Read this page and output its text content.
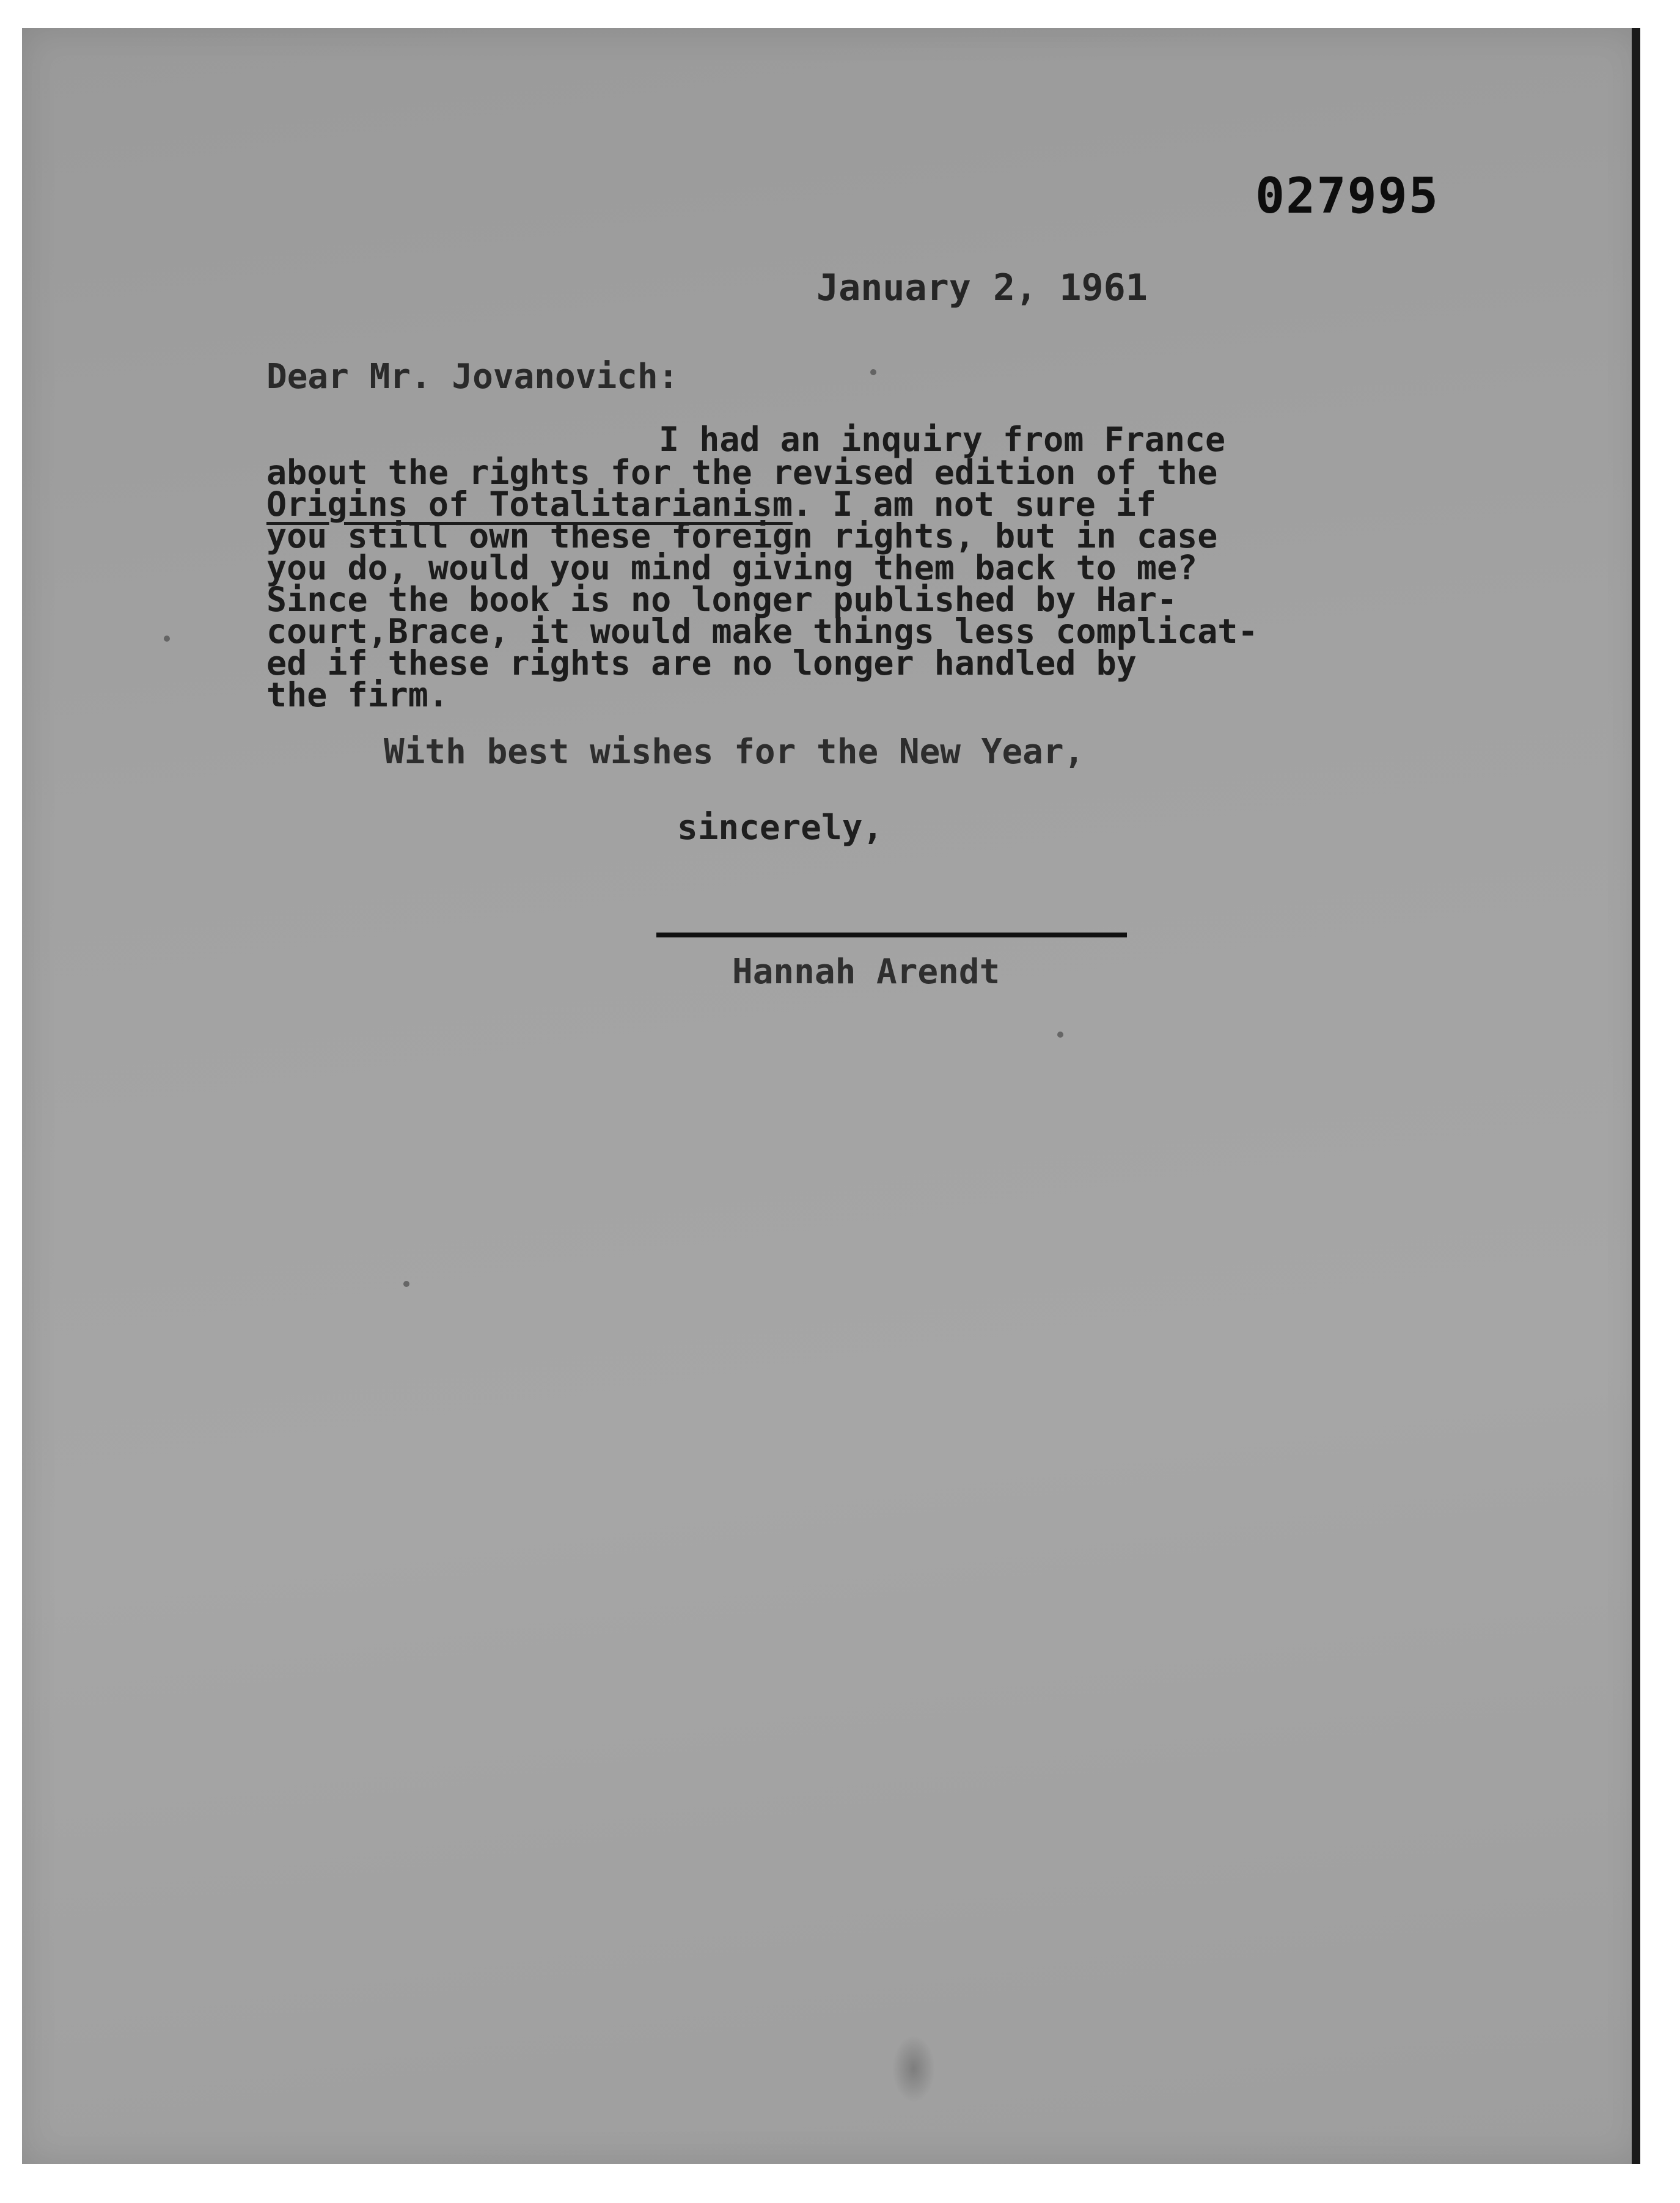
027995

January 2, 1961

Dear Mr. Jovanovich:

I had an inquiry from France

about the rights for the revised edition of the

Origins of Totalitarianism . I am not sure if

you still own these foreign rights, but in case

you do, would you mind giving them back to me?

Since the book is no longer published by Har-

court,Brace, it would make things less complicat-

ed if these rights are no longer handled by

the firm.

With best wishes for the New Year,

sincerely,

Hannah Arendt
